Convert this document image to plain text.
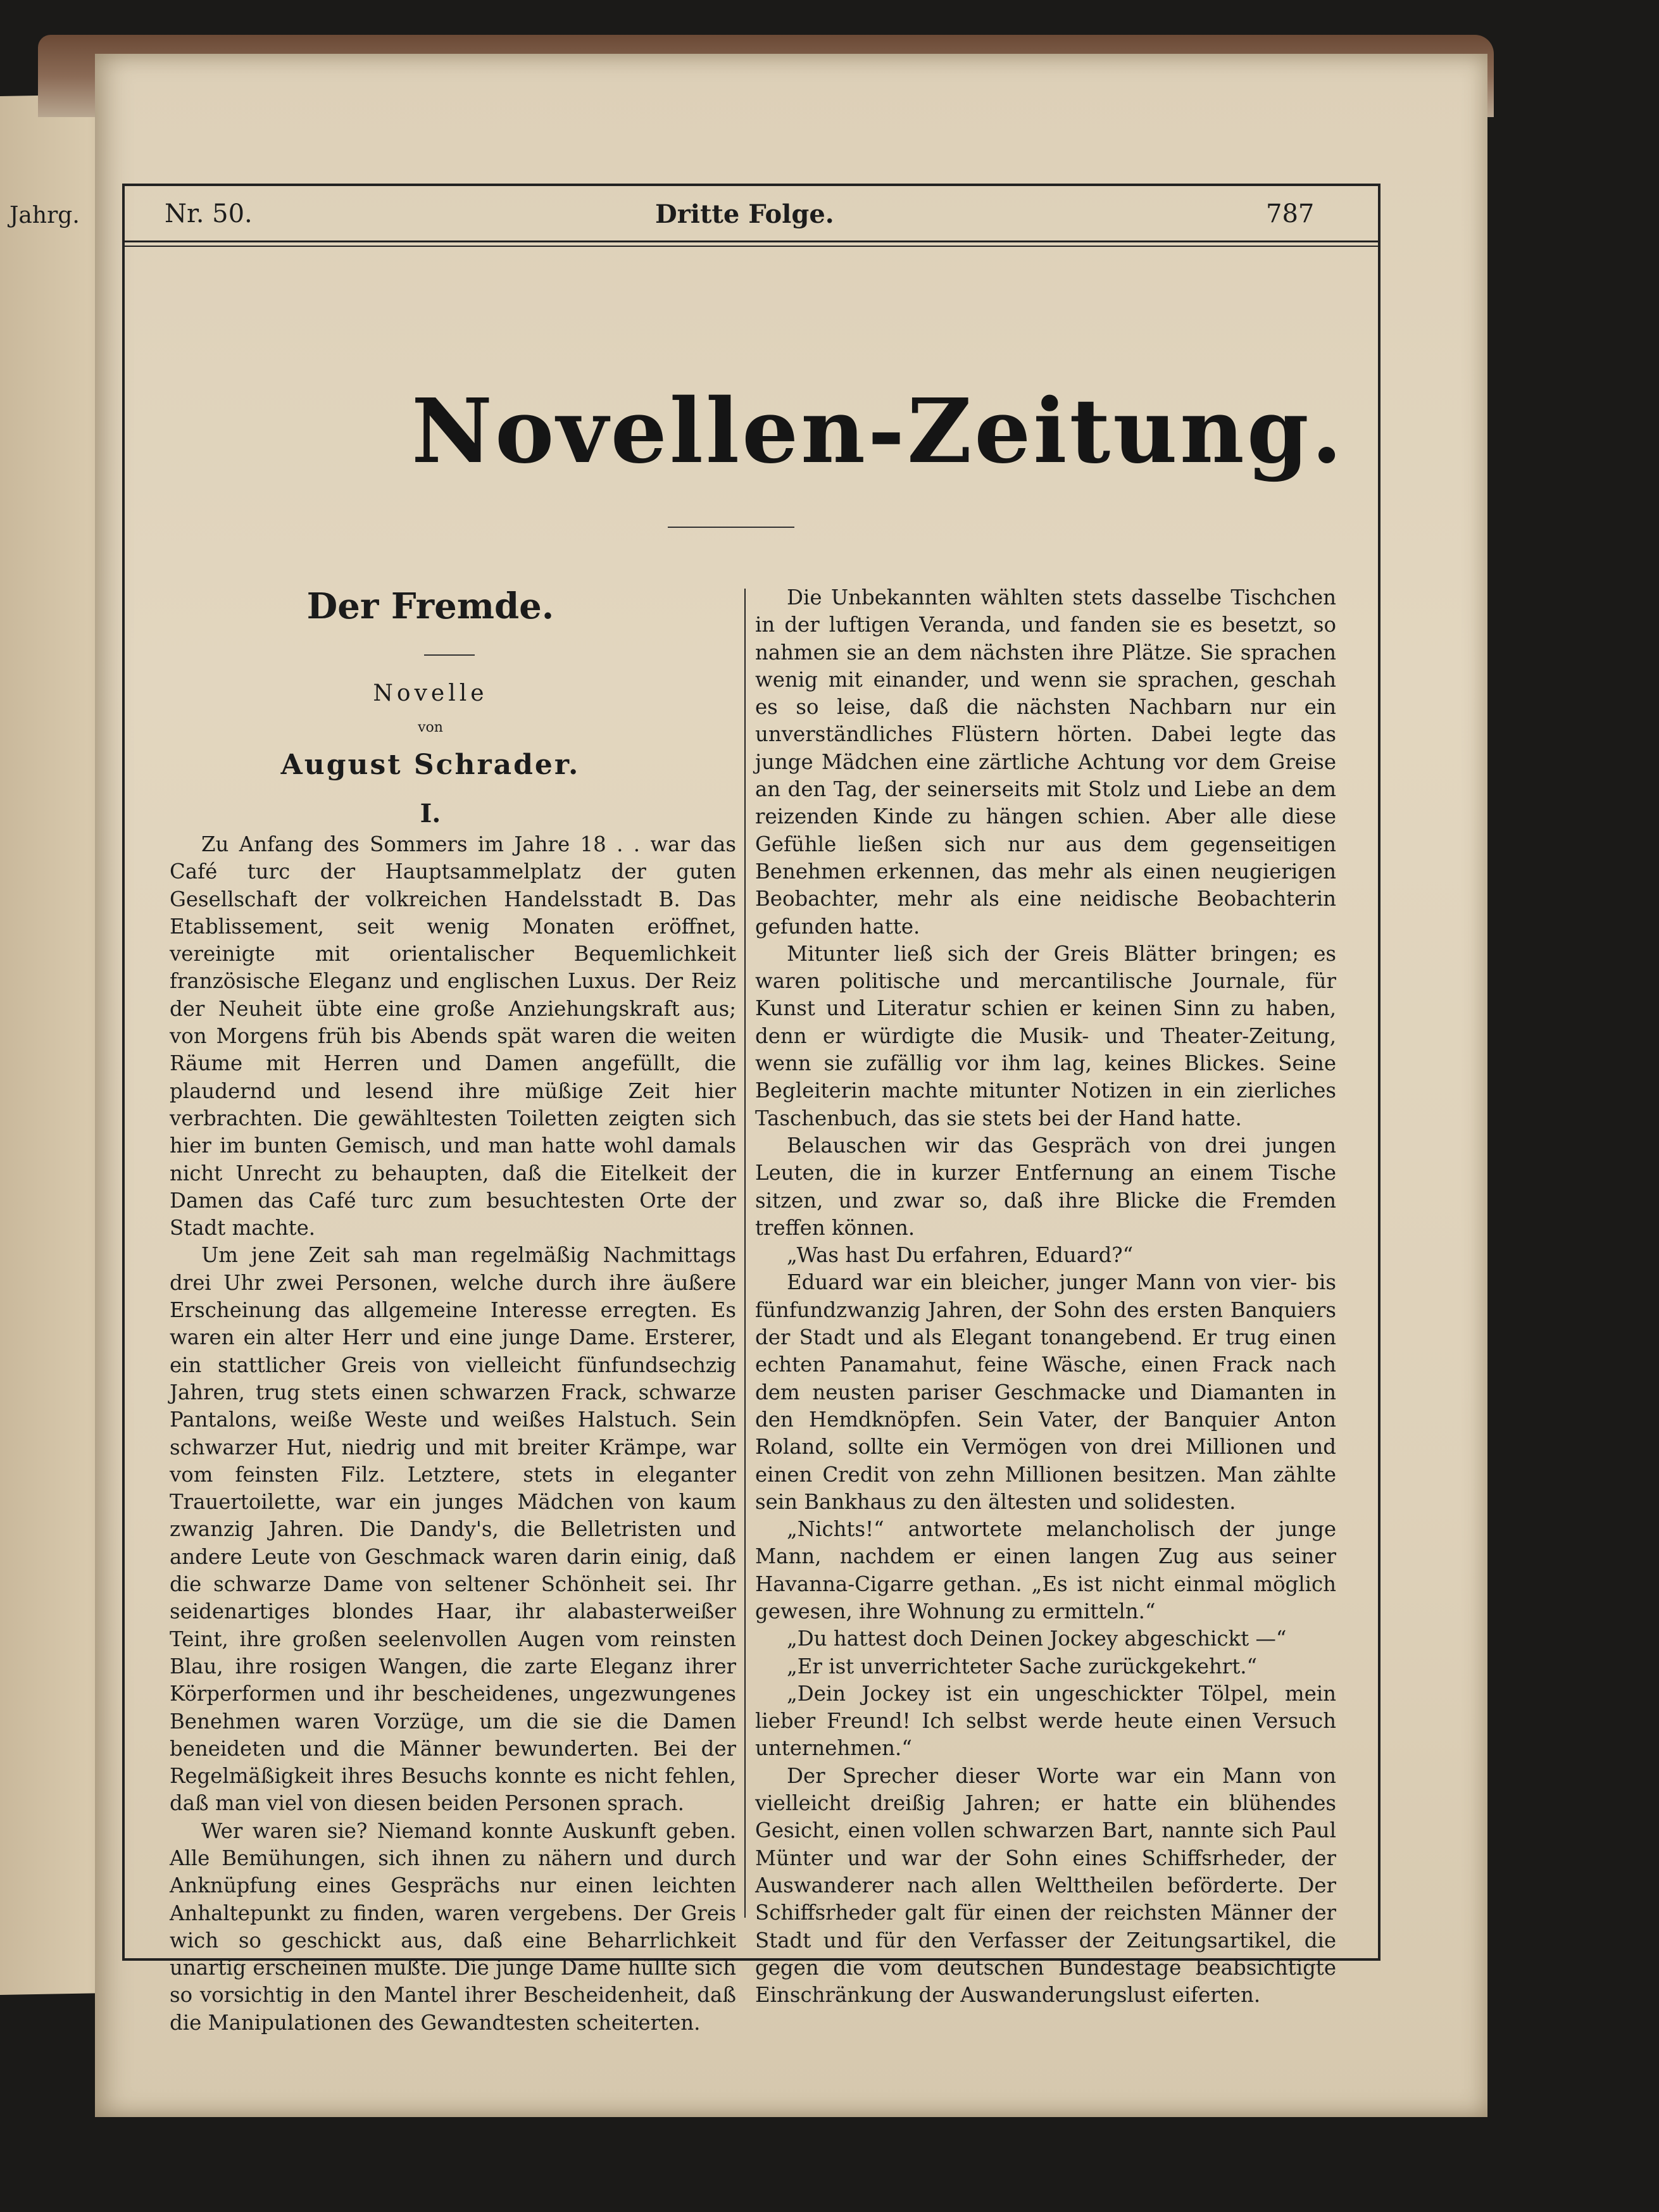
Jahrg.	Nr. 50.	Dritte Folge.	787
Novellen-Zeitung.
Der Fremde.
Novelle
von
August Schrader.
I.

Zu Anfang des Sommers im Jahre 18 . . war das Café turc der Hauptsammelplatz der guten Gesellschaft der volkreichen Handelsstadt B. Das Etablissement, seit wenig Monaten eröffnet, vereinigte mit orientalischer Bequemlichkeit französische Eleganz und englischen Luxus. Der Reiz der Neuheit übte eine große Anziehungskraft aus; von Morgens früh bis Abends spät waren die weiten Räume mit Herren und Damen angefüllt, die plaudernd und lesend ihre müßige Zeit hier verbrachten. Die gewähltesten Toiletten zeigten sich hier im bunten Gemisch, und man hatte wohl damals nicht Unrecht zu behaupten, daß die Eitelkeit der Damen das Café turc zum besuchtesten Orte der Stadt machte.

Um jene Zeit sah man regelmäßig Nachmittags drei Uhr zwei Personen, welche durch ihre äußere Erscheinung das allgemeine Interesse erregten. Es waren ein alter Herr und eine junge Dame. Ersterer, ein stattlicher Greis von vielleicht fünfundsechzig Jahren, trug stets einen schwarzen Frack, schwarze Pantalons, weiße Weste und weißes Halstuch. Sein schwarzer Hut, niedrig und mit breiter Krämpe, war vom feinsten Filz. Letztere, stets in eleganter Trauertoilette, war ein junges Mädchen von kaum zwanzig Jahren. Die Dandy's, die Belletristen und andere Leute von Geschmack waren darin einig, daß die schwarze Dame von seltener Schönheit sei. Ihr seidenartiges blondes Haar, ihr alabasterweißer Teint, ihre großen seelenvollen Augen vom reinsten Blau, ihre rosigen Wangen, die zarte Eleganz ihrer Körperformen und ihr bescheidenes, ungezwungenes Benehmen waren Vorzüge, um die sie die Damen beneideten und die Männer bewunderten. Bei der Regelmäßigkeit ihres Besuchs konnte es nicht fehlen, daß man viel von diesen beiden Personen sprach.

Wer waren sie? Niemand konnte Auskunft geben. Alle Bemühungen, sich ihnen zu nähern und durch Anknüpfung eines Gesprächs nur einen leichten Anhaltepunkt zu finden, waren vergebens. Der Greis wich so geschickt aus, daß eine Beharrlichkeit unartig erscheinen mußte. Die junge Dame hüllte sich so vorsichtig in den Mantel ihrer Bescheidenheit, daß die Manipulationen des Gewandtesten scheiterten.

Die Unbekannten wählten stets dasselbe Tischchen in der luftigen Veranda, und fanden sie es besetzt, so nahmen sie an dem nächsten ihre Plätze. Sie sprachen wenig mit einander, und wenn sie sprachen, geschah es so leise, daß die nächsten Nachbarn nur ein unverständliches Flüstern hörten. Dabei legte das junge Mädchen eine zärtliche Achtung vor dem Greise an den Tag, der seinerseits mit Stolz und Liebe an dem reizenden Kinde zu hängen schien. Aber alle diese Gefühle ließen sich nur aus dem gegenseitigen Benehmen erkennen, das mehr als einen neugierigen Beobachter, mehr als eine neidische Beobachterin gefunden hatte.

Mitunter ließ sich der Greis Blätter bringen; es waren politische und mercantilische Journale, für Kunst und Literatur schien er keinen Sinn zu haben, denn er würdigte die Musik- und Theater-Zeitung, wenn sie zufällig vor ihm lag, keines Blickes. Seine Begleiterin machte mitunter Notizen in ein zierliches Taschenbuch, das sie stets bei der Hand hatte.

Belauschen wir das Gespräch von drei jungen Leuten, die in kurzer Entfernung an einem Tische sitzen, und zwar so, daß ihre Blicke die Fremden treffen können.

„Was hast Du erfahren, Eduard?“

Eduard war ein bleicher, junger Mann von vier- bis fünfundzwanzig Jahren, der Sohn des ersten Banquiers der Stadt und als Elegant tonangebend. Er trug einen echten Panamahut, feine Wäsche, einen Frack nach dem neusten pariser Geschmacke und Diamanten in den Hemdknöpfen. Sein Vater, der Banquier Anton Roland, sollte ein Vermögen von drei Millionen und einen Credit von zehn Millionen besitzen. Man zählte sein Bankhaus zu den ältesten und solidesten.

„Nichts!“ antwortete melancholisch der junge Mann, nachdem er einen langen Zug aus seiner Havanna-Cigarre gethan. „Es ist nicht einmal möglich gewesen, ihre Wohnung zu ermitteln.“

„Du hattest doch Deinen Jockey abgeschickt —“

„Er ist unverrichteter Sache zurückgekehrt.“

„Dein Jockey ist ein ungeschickter Tölpel, mein lieber Freund! Ich selbst werde heute einen Versuch unternehmen.“

Der Sprecher dieser Worte war ein Mann von vielleicht dreißig Jahren; er hatte ein blühendes Gesicht, einen vollen schwarzen Bart, nannte sich Paul Münter und war der Sohn eines Schiffsrheder, der Auswanderer nach allen Welttheilen beförderte. Der Schiffsrheder galt für einen der reichsten Männer der Stadt und für den Verfasser der Zeitungsartikel, die gegen die vom deutschen Bundestage beabsichtigte Einschränkung der Auswanderungslust eiferten.
